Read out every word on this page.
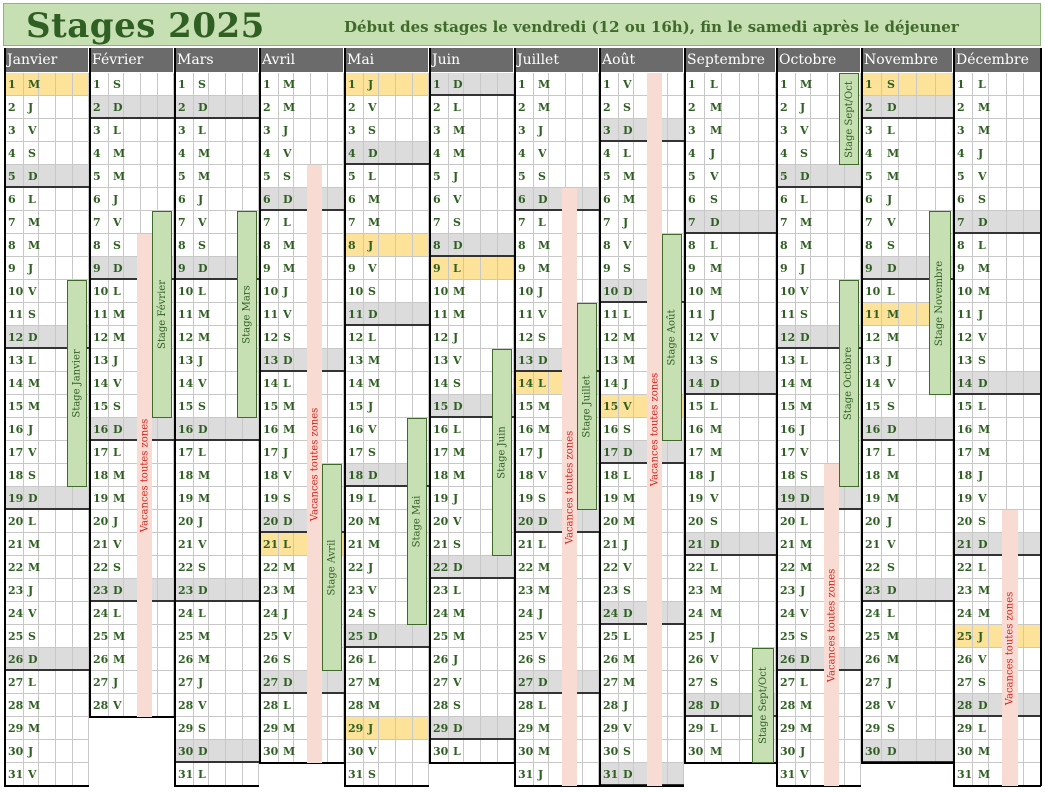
Stages 2025	Début des stages le vendredi (12 ou 16h), fin le samedi après le déjeuner
Janvier
1 M
2 J
3 V
4 S
5 D
6 L
7 M
8 M
9 J
10 V
11 S
12 D
13 L
14 M
15 M
16 J
17 V
18 S
19 D
20 L
21 M
22 M
23 J
24 V
25 S
26 D
27 L
28 M
29 M
30 J
31 V
Février
1 S
2 D
3 L
4 M
5 M
6 J
7 V
8 S
9 D
10 L
11 M
12 M
13 J
14 V
15 S
16 D
17 L
18 M
19 M
20 J
21 V
22 S
23 D
24 L
25 M
26 M
27 J
28 V
Mars
1 S
2 D
3 L
4 M
5 M
6 J
7 V
8 S
9 D
10 L
11 M
12 M
13 J
14 V
15 S
16 D
17 L
18 M
19 M
20 J
21 V
22 S
23 D
24 L
25 M
26 M
27 J
28 V
29 S
30 D
31 L
Avril
1 M
2 M
3 J
4 V
5 S
6 D
7 L
8 M
9 M
10 J
11 V
12 S
13 D
14 L
15 M
16 M
17 J
18 V
19 S
20 D
21 L
22 M
23 M
24 J
25 V
26 S
27 D
28 L
29 M
30 M
Mai
1 J
2 V
3 S
4 D
5 L
6 M
7 M
8 J
9 V
10 S
11 D
12 L
13 M
14 M
15 J
16 V
17 S
18 D
19 L
20 M
21 M
22 J
23 V
24 S
25 D
26 L
27 M
28 M
29 J
30 V
31 S
Juin
1 D
2 L
3 M
4 M
5 J
6 V
7 S
8 D
9 L
10 M
11 M
12 J
13 V
14 S
15 D
16 L
17 M
18 M
19 J
20 V
21 S
22 D
23 L
24 M
25 M
26 J
27 V
28 S
29 D
30 L
Juillet
1 M
2 M
3 J
4 V
5 S
6 D
7 L
8 M
9 M
10 J
11 V
12 S
13 D
14 L
15 M
16 M
17 J
18 V
19 S
20 D
21 L
22 M
23 M
24 J
25 V
26 S
27 D
28 L
29 M
30 M
31 J
Août
1 V
2 S
3 D
4 L
5 M
6 M
7 J
8 V
9 S
10 D
11 L
12 M
13 M
14 J
15 V
16 S
17 D
18 L
19 M
20 M
21 J
22 V
23 S
24 D
25 L
26 M
27 M
28 J
29 V
30 S
31 D
Septembre
1 L
2 M
3 M
4 J
5 V
6 S
7 D
8 L
9 M
10 M
11 J
12 V
13 S
14 D
15 L
16 M
17 M
18 J
19 V
20 S
21 D
22 L
23 M
24 M
25 J
26 V
27 S
28 D
29 L
30 M
Octobre
1 M
2 J
3 V
4 S
5 D
6 L
7 M
8 M
9 J
10 V
11 S
12 D
13 L
14 M
15 M
16 J
17 V
18 S
19 D
20 L
21 M
22 M
23 J
24 V
25 S
26 D
27 L
28 M
29 M
30 J
31 V
Novembre
1 S
2 D
3 L
4 M
5 M
6 J
7 V
8 S
9 D
10 L
11 M
12 M
13 J
14 V
15 S
16 D
17 L
18 M
19 M
20 J
21 V
22 S
23 D
24 L
25 M
26 M
27 J
28 V
29 S
30 D
Décembre
1 L
2 M
3 M
4 J
5 V
6 S
7 D
8 L
9 M
10 M
11 J
12 V
13 S
14 D
15 L
16 M
17 M
18 J
19 V
20 S
21 D
22 L
23 M
24 M
25 J
26 V
27 S
28 D
29 L
30 M
31 M
Vacances toutes zones	Vacances toutes zones	Vacances toutes zones
Vacances toutes zones
Vacances toutes zones	Vacances toutes zones
Stage Janvier
Stage Février	Stage Mars
Stage Avril
Stage Mai
Stage Juin
Stage Juillet
Stage Août
Stage Sept/Oct
Stage Sept/Oct
Stage Octobre
Stage Novembre
